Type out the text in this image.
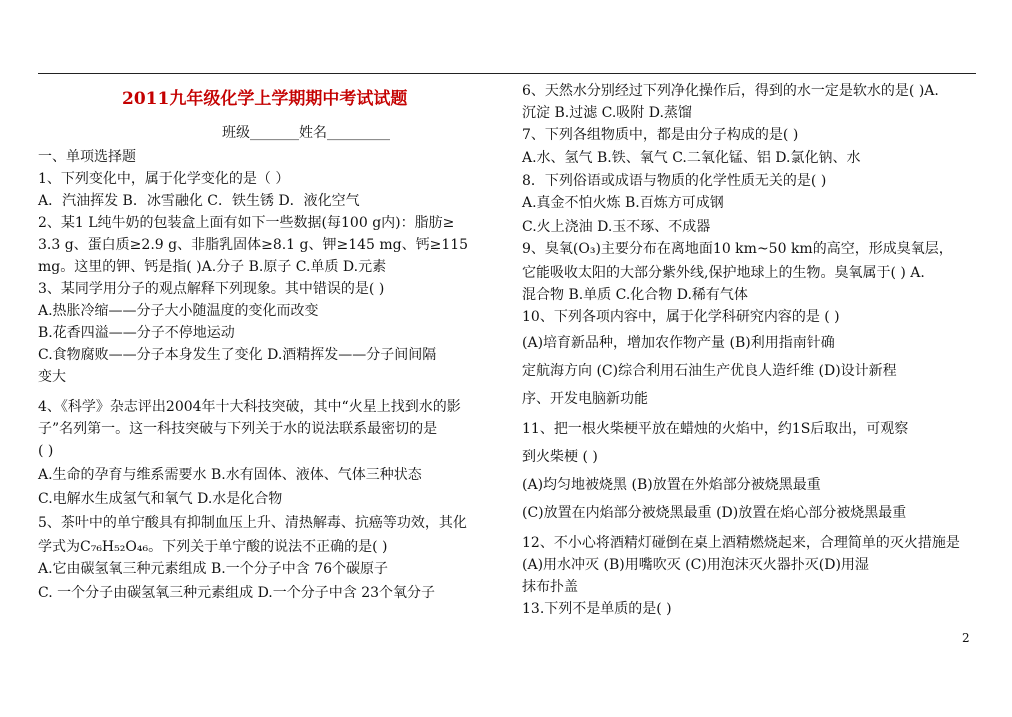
2011九年级化学上学期期中考试试题
班级_______姓名_________
一、单项选择题
1、下列变化中，属于化学变化的是（ ）
A．汽油挥发 B．冰雪融化 C．铁生锈 D．液化空气
2、某1 L纯牛奶的包装盒上面有如下一些数据(每100 g内)：脂肪≥
3.3 g、蛋白质≥2.9 g、非脂乳固体≥8.1 g、钾≥145 mg、钙≥115
mg。这里的钾、钙是指( )A.分子 B.原子 C.单质 D.元素
3、某同学用分子的观点解释下列现象。其中错误的是( )
A.热胀冷缩——分子大小随温度的变化而改变
B.花香四溢——分子不停地运动
C.食物腐败——分子本身发生了变化 D.酒精挥发——分子间间隔
变大
4、《科学》杂志评出2004年十大科技突破，其中“火星上找到水的影
子”名列第一。这一科技突破与下列关于水的说法联系最密切的是
( )
A.生命的孕育与维系需要水 B.水有固体、液体、气体三种状态
C.电解水生成氢气和氧气 D.水是化合物
5、茶叶中的单宁酸具有抑制血压上升、清热解毒、抗癌等功效，其化
学式为C₇₆H₅₂O₄₆。下列关于单宁酸的说法不正确的是( )
A.它由碳氢氧三种元素组成 B.一个分子中含 76个碳原子
C. 一个分子由碳氢氧三种元素组成 D.一个分子中含 23个氧分子
6、天然水分别经过下列净化操作后，得到的水一定是软水的是( )A.
沉淀 B.过滤 C.吸附 D.蒸馏
7、下列各组物质中，都是由分子构成的是( )
A.水、氢气 B.铁、氧气 C.二氧化锰、铝 D.氯化钠、水
8．下列俗语或成语与物质的化学性质无关的是( )
A.真金不怕火炼 B.百炼方可成钢
C.火上浇油 D.玉不琢、不成器
9、臭氧(O₃)主要分布在离地面10 km~50 km的高空，形成臭氧层，
它能吸收太阳的大部分紫外线,保护地球上的生物。臭氧属于( ) A.
混合物 B.单质 C.化合物 D.稀有气体
10、下列各项内容中，属于化学科研究内容的是 ( )
(A)培育新品种，增加农作物产量 (B)利用指南针确
定航海方向 (C)综合利用石油生产优良人造纤维 (D)设计新程
序、开发电脑新功能
11、把一根火柴梗平放在蜡烛的火焰中，约1S后取出，可观察
到火柴梗 ( )
(A)均匀地被烧黑 (B)放置在外焰部分被烧黑最重
(C)放置在内焰部分被烧黑最重 (D)放置在焰心部分被烧黑最重
12、不小心将酒精灯碰倒在桌上酒精燃烧起来，合理简单的灭火措施是
(A)用水冲灭 (B)用嘴吹灭 (C)用泡沫灭火器扑灭(D)用湿
抹布扑盖
13.下列不是单质的是( )
2
